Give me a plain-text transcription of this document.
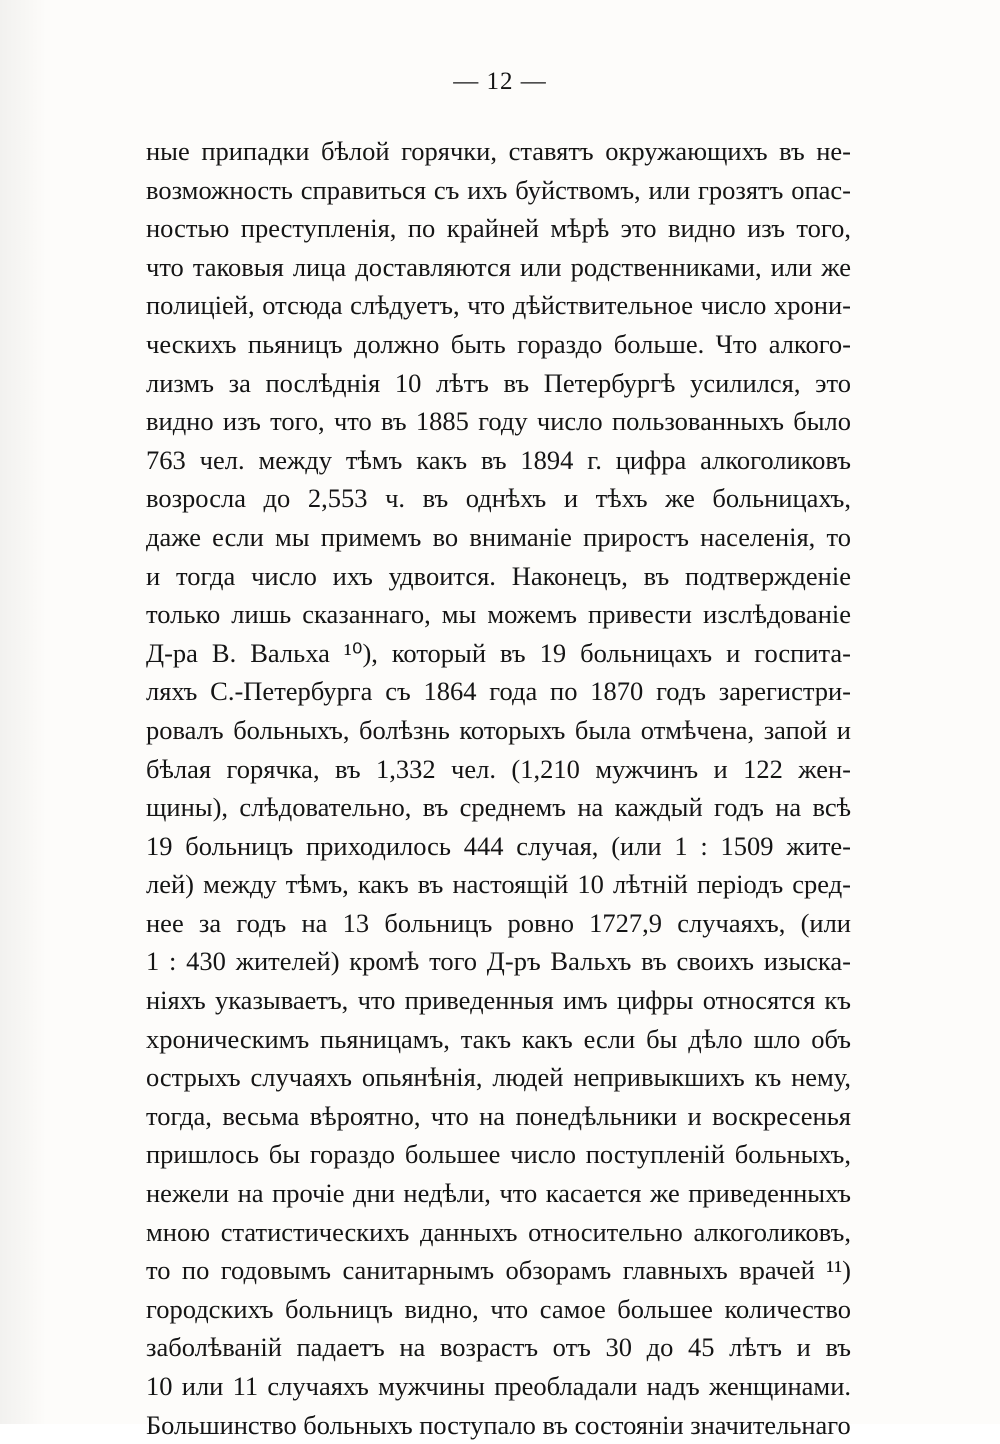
— 12 —
ные припадки бѣлой горячки, ставятъ окружающихъ въ не-
возможность справиться съ ихъ буйствомъ, или грозятъ опас-
ностью преступленія, по крайней мѣрѣ это видно изъ того,
что таковыя лица доставляются или родственниками, или же
полиціей, отсюда слѣдуетъ, что дѣйствительное число хрони-
ческихъ пьяницъ должно быть гораздо больше. Что алкого-
лизмъ за послѣднія 10 лѣтъ въ Петербургѣ усилился, это
видно изъ того, что въ 1885 году число пользованныхъ было
763 чел. между тѣмъ какъ въ 1894 г. цифра алкоголиковъ
возросла до 2,553 ч. въ однѣхъ и тѣхъ же больницахъ,
даже если мы примемъ во вниманіе приростъ населенія, то
и тогда число ихъ удвоится. Наконецъ, въ подтвержденіе
только лишь сказаннаго, мы можемъ привести изслѣдованіе
Д-ра В. Вальха ¹⁰), который въ 19 больницахъ и госпита-
ляхъ С.-Петербурга съ 1864 года по 1870 годъ зарегистри-
ровалъ больныхъ, болѣзнь которыхъ была отмѣчена, запой и
бѣлая горячка, въ 1,332 чел. (1,210 мужчинъ и 122 жен-
щины), слѣдовательно, въ среднемъ на каждый годъ на всѣ
19 больницъ приходилось 444 случая, (или 1 : 1509 жите-
лей) между тѣмъ, какъ въ настоящій 10 лѣтній періодъ сред-
нее за годъ на 13 больницъ ровно 1727,9 случаяхъ, (или
1 : 430 жителей) кромѣ того Д-ръ Вальхъ въ своихъ изыска-
ніяхъ указываетъ, что приведенныя имъ цифры относятся къ
хроническимъ пьяницамъ, такъ какъ если бы дѣло шло объ
острыхъ случаяхъ опьянѣнія, людей непривыкшихъ къ нему,
тогда, весьма вѣроятно, что на понедѣльники и воскресенья
пришлось бы гораздо большее число поступленій больныхъ,
нежели на прочіе дни недѣли, что касается же приведенныхъ
мною статистическихъ данныхъ относительно алкоголиковъ,
то по годовымъ санитарнымъ обзорамъ главныхъ врачей ¹¹)
городскихъ больницъ видно, что самое большее количество
заболѣваній падаетъ на возрастъ отъ 30 до 45 лѣтъ и въ
10 или 11 случаяхъ мужчины преобладали надъ женщинами.
Большинство больныхъ поступало въ состояніи значительнаго
